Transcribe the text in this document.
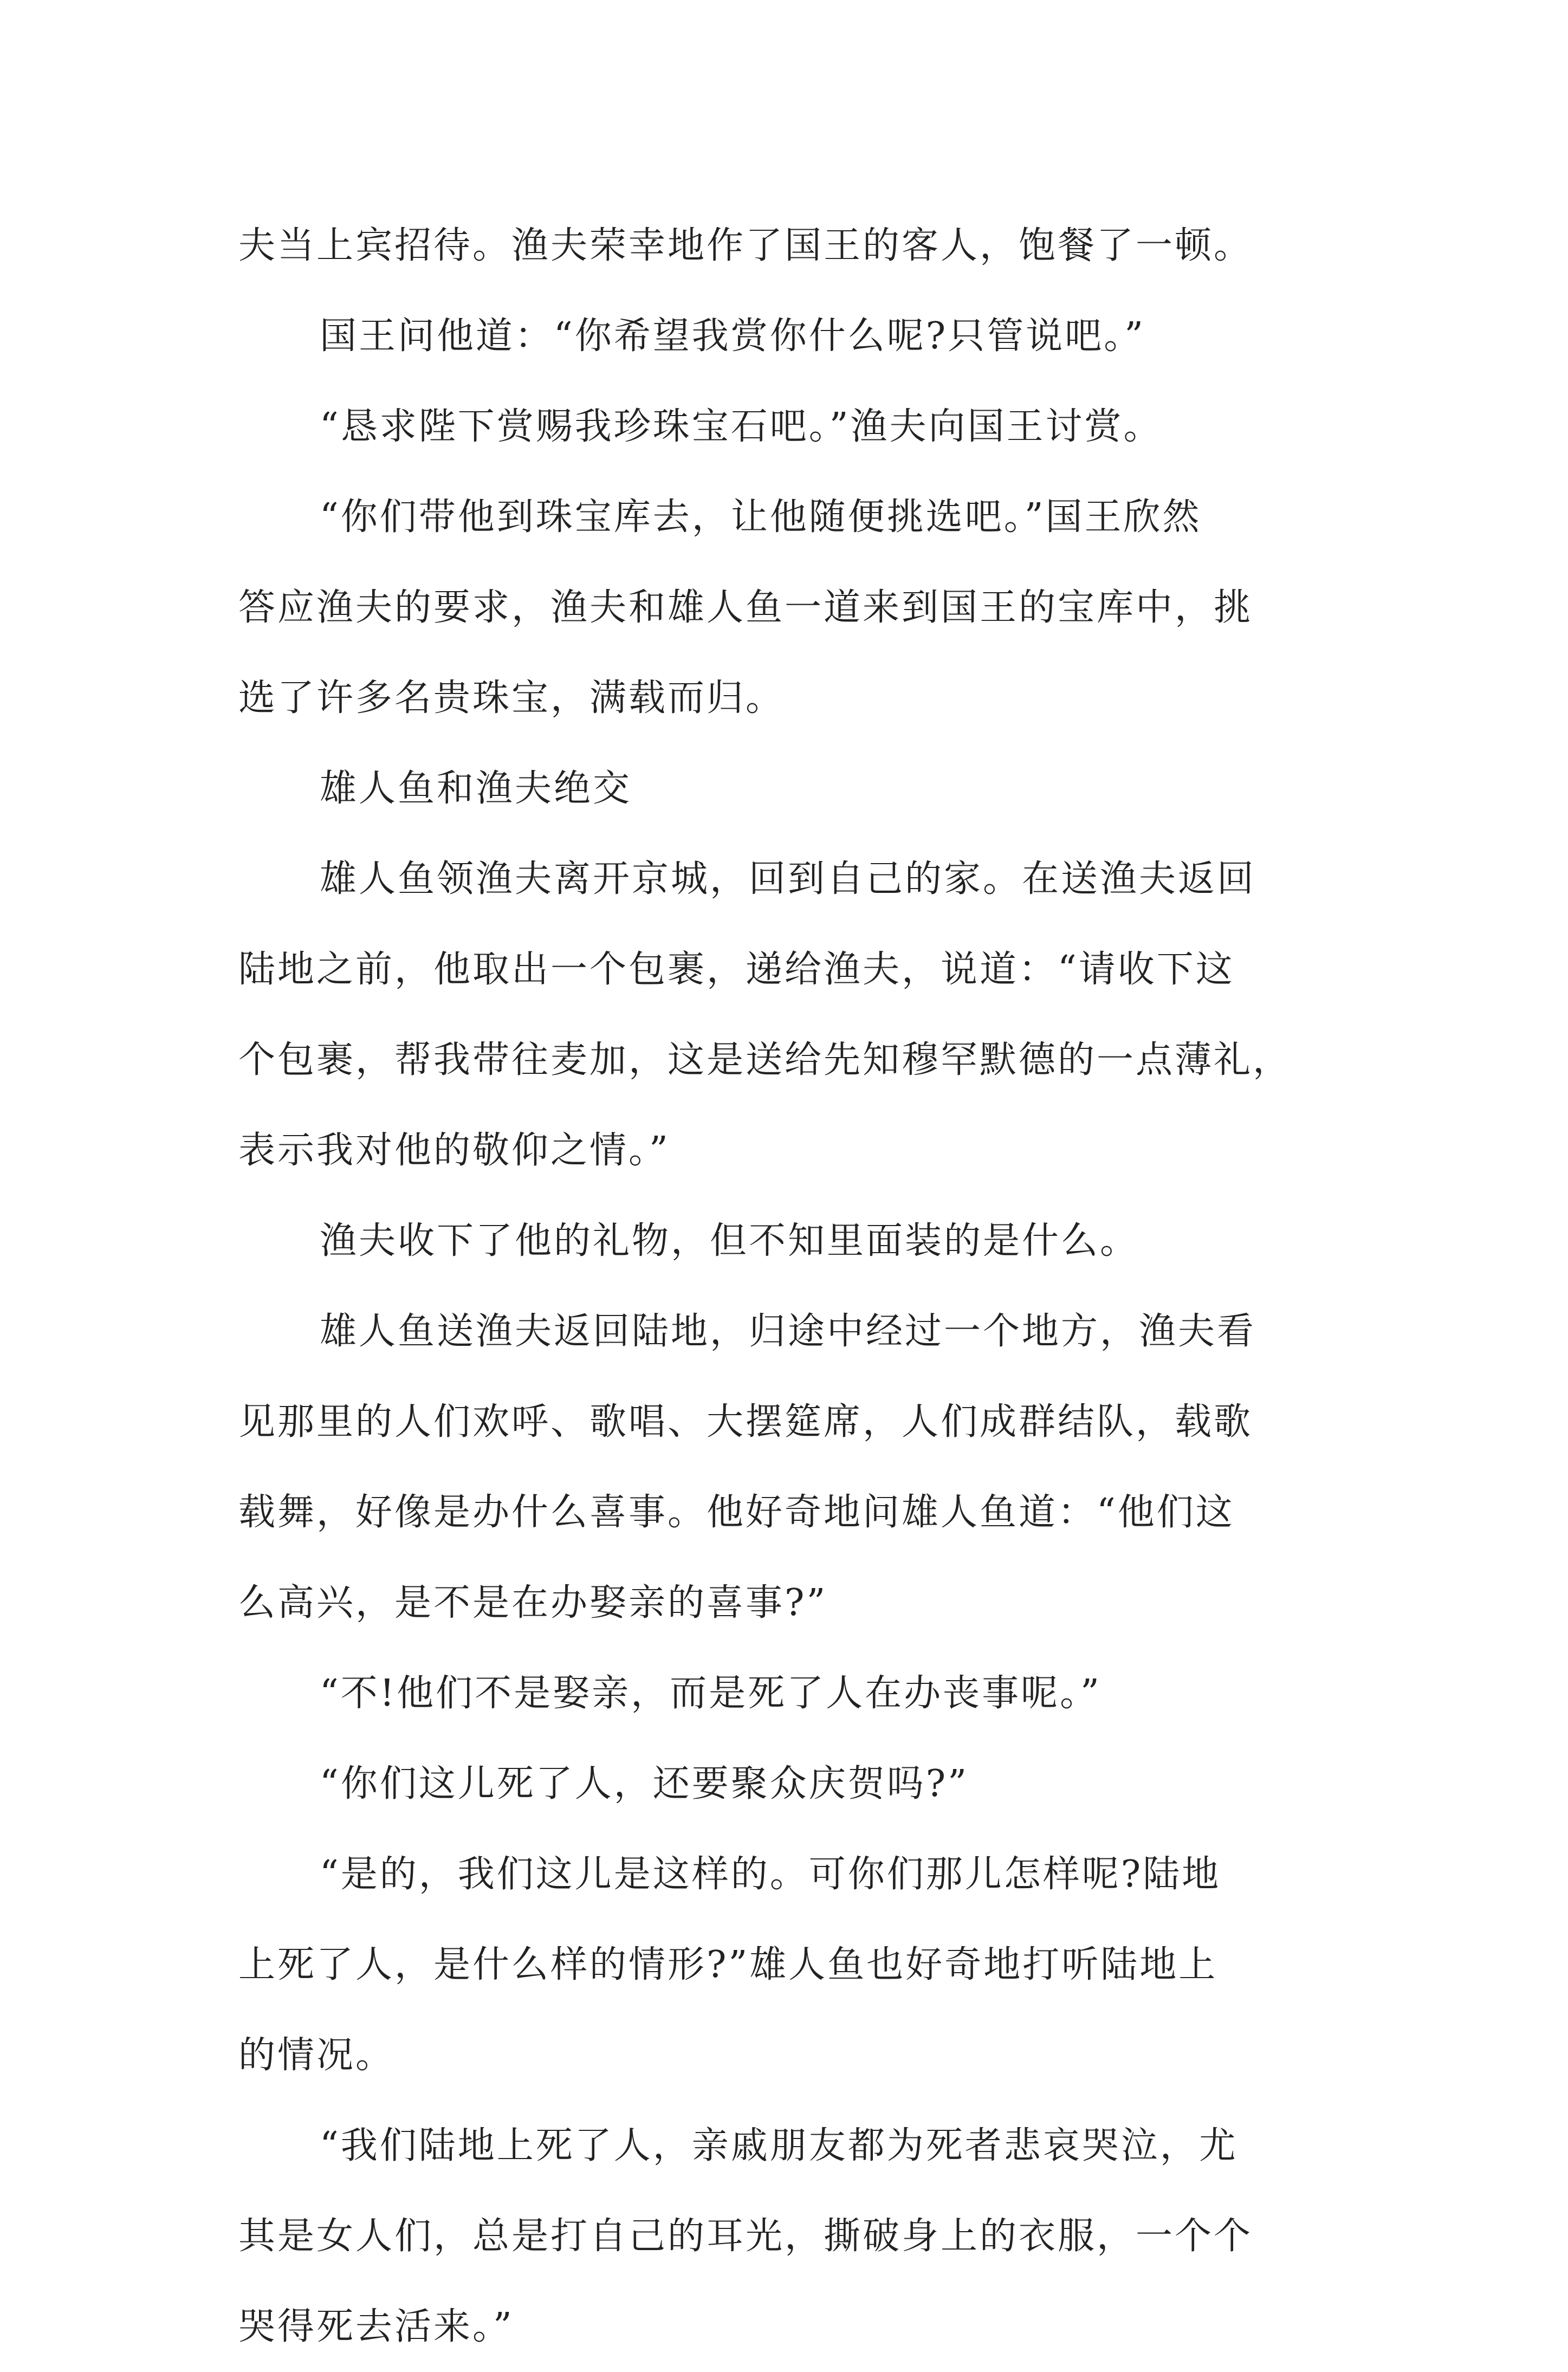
夫当上宾招待。渔夫荣幸地作了国王的客人，饱餐了一顿。
国王问他道：“你希望我赏你什么呢?只管说吧。”
“恳求陛下赏赐我珍珠宝石吧。”渔夫向国王讨赏。
“你们带他到珠宝库去，让他随便挑选吧。”国王欣然
答应渔夫的要求，渔夫和雄人鱼一道来到国王的宝库中，挑
选了许多名贵珠宝，满载而归。
雄人鱼和渔夫绝交
雄人鱼领渔夫离开京城，回到自己的家。在送渔夫返回
陆地之前，他取出一个包裹，递给渔夫，说道：“请收下这
个包裹，帮我带往麦加，这是送给先知穆罕默德的一点薄礼，
表示我对他的敬仰之情。”
渔夫收下了他的礼物，但不知里面装的是什么。
雄人鱼送渔夫返回陆地，归途中经过一个地方，渔夫看
见那里的人们欢呼、歌唱、大摆筵席，人们成群结队，载歌
载舞，好像是办什么喜事。他好奇地问雄人鱼道：“他们这
么高兴，是不是在办娶亲的喜事?”
“不!他们不是娶亲，而是死了人在办丧事呢。”
“你们这儿死了人，还要聚众庆贺吗?”
“是的，我们这儿是这样的。可你们那儿怎样呢?陆地
上死了人，是什么样的情形?”雄人鱼也好奇地打听陆地上
的情况。
“我们陆地上死了人，亲戚朋友都为死者悲哀哭泣，尤
其是女人们，总是打自己的耳光，撕破身上的衣服，一个个
哭得死去活来。”
